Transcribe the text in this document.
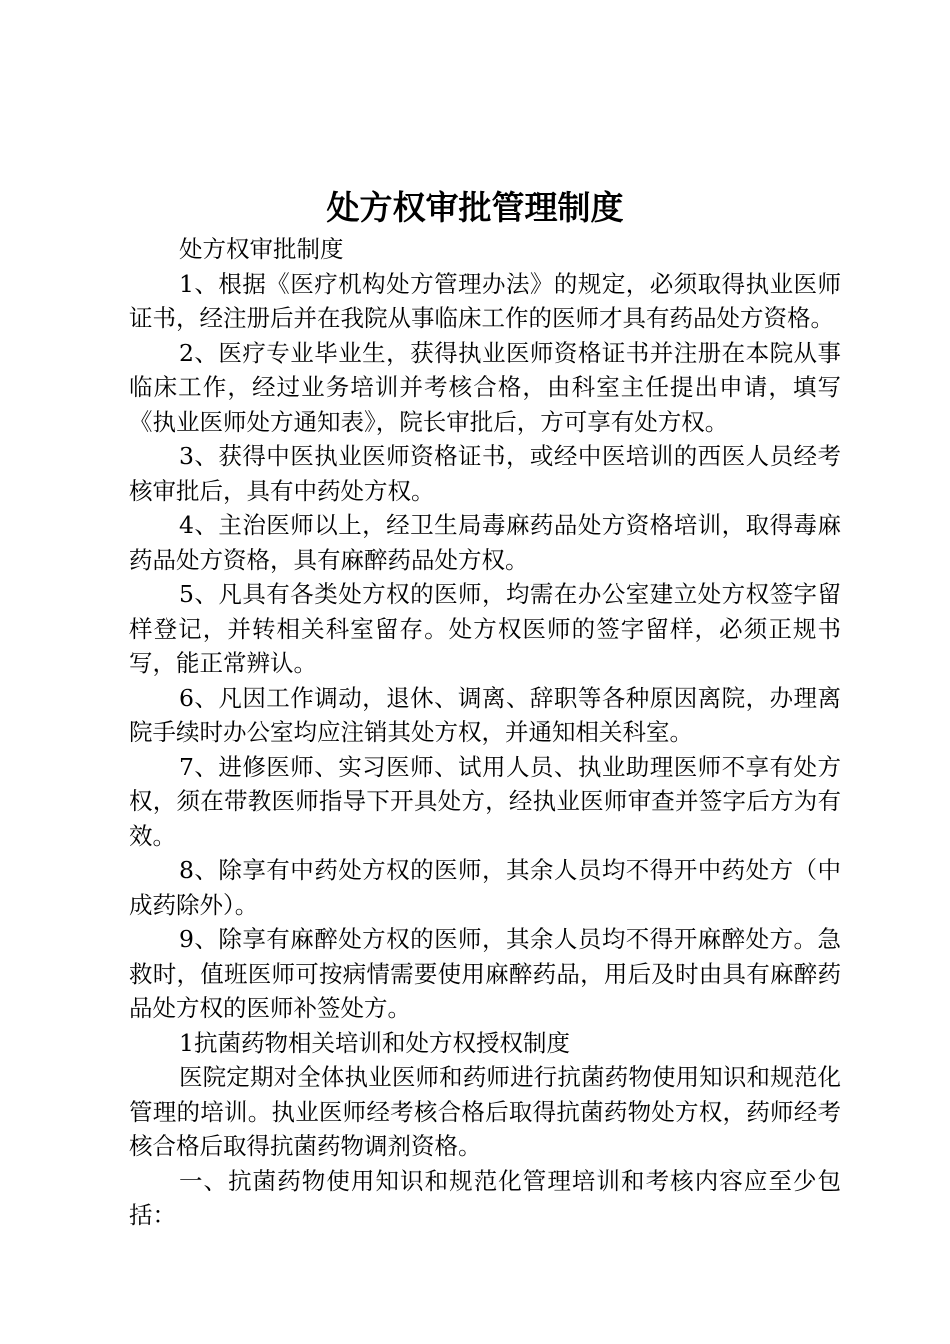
处方权审批管理制度

处方权审批制度

1、根据《医疗机构处方管理办法》的规定，必须取得执业医师证书，经注册后并在我院从事临床工作的医师才具有药品处方资格。

2、医疗专业毕业生，获得执业医师资格证书并注册在本院从事临床工作，经过业务培训并考核合格，由科室主任提出申请，填写《执业医师处方通知表》，院长审批后，方可享有处方权。

3、获得中医执业医师资格证书，或经中医培训的西医人员经考核审批后，具有中药处方权。

4、主治医师以上，经卫生局毒麻药品处方资格培训，取得毒麻药品处方资格，具有麻醉药品处方权。

5、凡具有各类处方权的医师，均需在办公室建立处方权签字留样登记，并转相关科室留存。处方权医师的签字留样，必须正规书写，能正常辨认。

6、凡因工作调动，退休、调离、辞职等各种原因离院，办理离院手续时办公室均应注销其处方权，并通知相关科室。

7、进修医师、实习医师、试用人员、执业助理医师不享有处方权，须在带教医师指导下开具处方，经执业医师审查并签字后方为有效。

8、除享有中药处方权的医师，其余人员均不得开中药处方（中成药除外）。

9、除享有麻醉处方权的医师，其余人员均不得开麻醉处方。急救时，值班医师可按病情需要使用麻醉药品，用后及时由具有麻醉药品处方权的医师补签处方。

1抗菌药物相关培训和处方权授权制度

医院定期对全体执业医师和药师进行抗菌药物使用知识和规范化管理的培训。执业医师经考核合格后取得抗菌药物处方权，药师经考核合格后取得抗菌药物调剂资格。

一、抗菌药物使用知识和规范化管理培训和考核内容应至少包括：
